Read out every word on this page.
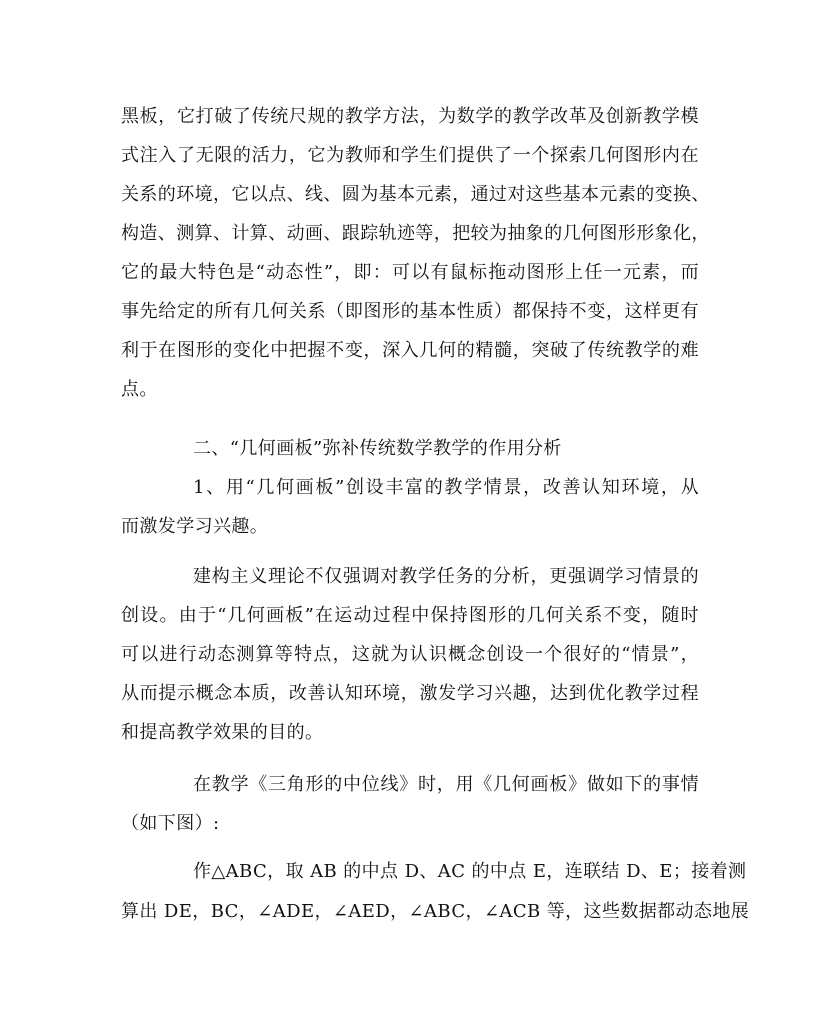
黑板，它打破了传统尺规的教学方法，为数学的教学改革及创新教学模
式注入了无限的活力，它为教师和学生们提供了一个探索几何图形内在
关系的环境，它以点、线、圆为基本元素，通过对这些基本元素的变换、
构造、测算、计算、动画、跟踪轨迹等，把较为抽象的几何图形形象化，
它的最大特色是“动态性”，即：可以有鼠标拖动图形上任一元素，而
事先给定的所有几何关系（即图形的基本性质）都保持不变，这样更有
利于在图形的变化中把握不变，深入几何的精髓，突破了传统教学的难
点。
二、“几何画板”弥补传统数学教学的作用分析
1、用“几何画板”创设丰富的教学情景，改善认知环境，从
而激发学习兴趣。
建构主义理论不仅强调对教学任务的分析，更强调学习情景的
创设。由于“几何画板”在运动过程中保持图形的几何关系不变，随时
可以进行动态测算等特点，这就为认识概念创设一个很好的“情景”，
从而提示概念本质，改善认知环境，激发学习兴趣，达到优化教学过程
和提高教学效果的目的。
在教学《三角形的中位线》时，用《几何画板》做如下的事情
（如下图）:
作△ABC，取 AB 的中点 D、AC 的中点 E，连联结 D、E；接着测
算出 DE，BC，∠ADE，∠AED，∠ABC，∠ACB 等，这些数据都动态地展
